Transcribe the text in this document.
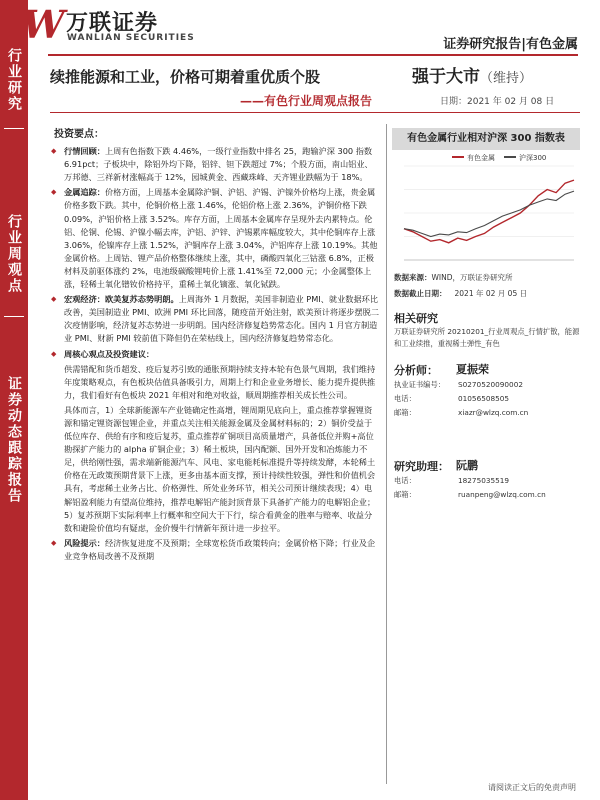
行业研究
行业周观点
证券动态跟踪报告
W 万联证券
WANLIAN SECURITIES	证券研究报告|有色金属
续推能源和工业，价格可期着重优质个股
——有色行业周观点报告
强于大市（维持）
日期：2021 年 02 月 08 日
投资要点：
◆ 行情回顾：上周有色指数下跌 4.46%，一级行业指数中排名 25，跑输沪深 300 指数 6.91pct；子板块中，除铝外均下降，铝锌、钽下跌超过 7%；个股方面，南山铝业、万邦德、三祥新材涨幅高于 12%，园城黄金、西藏珠峰、天齐锂业跌幅为于 18%。
◆ 金属追踪：价格方面，上周基本金属除沪铜、沪铝、沪锡、沪镍外价格均上涨，贵金属价格多数下跌。其中，伦铜价格上涨 1.46%，伦铝价格上涨 2.36%，沪铜价格下跌 0.09%，沪铝价格上涨 3.52%。库存方面，上周基本金属库存呈现外去内累特点。伦铝、伦铜、伦锡、沪镍小幅去库，沪铝、沪锌、沪锡累库幅度较大，其中伦铜库存上涨 3.06%，伦镍库存上涨 1.52%，沪铜库存上涨 3.04%，沪铝库存上涨 10.19%。其他金属价格。上周钴、锂产品价格整体继续上涨，其中，磷酸四氧化三钴涨 6.8%，正极材料及前驱体涨约 2%，电池级碳酸锂吨价上涨 1.41%至 72,000 元；小金属整体上涨，轻稀土氧化镨钕价格持平，重稀土氧化镝涨、氧化铽跌。
◆ 宏观经济：欧美复苏态势明朗。上周海外 1 月数据，美国非制造业 PMI、就业数据环比改善，美国制造业 PMI、欧洲 PMI 环比回落，随疫苗开始注射，欧美预计将逐步摆脱二次疫情影响，经济复苏态势进一步明朗。国内经济修复趋势常态化。国内 1 月官方制造业 PMI、财新 PMI 较前值下降但仍在荣枯线上，国内经济修复趋势常态化。
◆ 周核心观点及投资建议：
供需错配和货币超发、疫后复苏引致的通胀预期持续支持本轮有色景气周期，我们维持年度策略观点，有色板块估值具备吸引力，周期上行和企业业务增长、能力提升提供推力，我们看好有色板块 2021 年相对和绝对收益，顺周期推荐相关成长性公司。
具体而言，1）全球新能源车产业链确定性高增，锂周期见底向上，重点推荐掌握锂资源和锚定锂资源包锂企业，并重点关注相关能源金属及金属材料标的；2）铜价受益于低位库存、供给有序和疫后复苏，重点推荐矿铜项目高质量增产，具备低位并购+高位勘探扩产能力的 alpha 矿铜企业；3）稀土板块，国内配额、国外开发和冶炼能力不足，供给刚性强，需求端新能源汽车、风电、家电能耗标准提升等持续发酵，本轮稀土价格在无政策预期背景下上涨，更多由基本面支撑，预计持续性较强，弹性和价值机会具有，考虑稀土业务占比、价格弹性、所处业务环节，相关公司预计继续表现；4）电解铝盈利能力有望高位维持，推荐电解铝产能封顶背景下具备扩产能力的电解铝企业；5）复苏预期下实际利率上行概率和空间大于下行，综合看黄金的胜率与赔率、收益分数和避险价值均有疑虑，金价慢牛行情新年预计进一步拉平。
◆ 风险提示：经济恢复进度不及预期；全球宽松货币政策转向；金属价格下降；行业及企业竞争格局改善不及预期
有色金属行业相对沪深 300 指数表
有色金属	沪深300
数据来源：WIND，万联证券研究所
数据截止日期： 2021 年 02 月 05 日
相关研究
万联证券研究所 20210201_行业周观点_行情扩散，能源和工业续推，重视稀土弹性_有色
分析师： 夏振荣
执业证书编号： S0270520090002
电话：	01056508505
邮箱：	xiazr@wlzq.com.cn
研究助理： 阮鹏
电话：	18275035519
邮箱：	ruanpeng@wlzq.com.cn
请阅读正文后的免责声明
